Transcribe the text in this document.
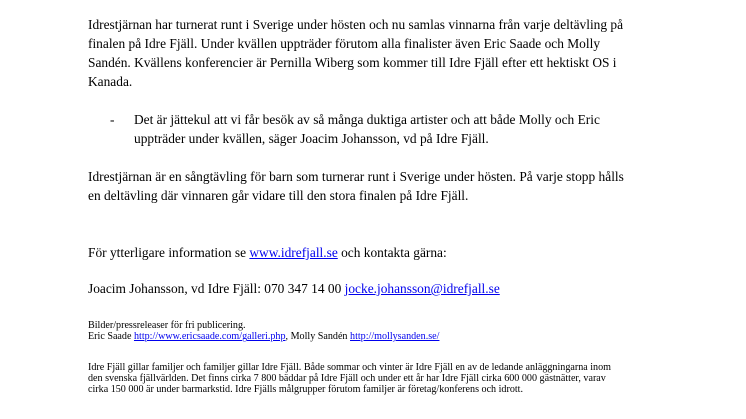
Idrestjärnan har turnerat runt i Sverige under hösten och nu samlas vinnarna från varje deltävling på finalen på Idre Fjäll. Under kvällen uppträder förutom alla finalister även Eric Saade och Molly Sandén. Kvällens konferencier är Pernilla Wiberg som kommer till Idre Fjäll efter ett hektiskt OS i Kanada.

- Det är jättekul att vi får besök av så många duktiga artister och att både Molly och Eric uppträder under kvällen, säger Joacim Johansson, vd på Idre Fjäll.

Idrestjärnan är en sångtävling för barn som turnerar runt i Sverige under hösten. På varje stopp hålls en deltävling där vinnaren går vidare till den stora finalen på Idre Fjäll.

För ytterligare information se www.idrefjall.se och kontakta gärna:

Joacim Johansson, vd Idre Fjäll: 070 347 14 00 jocke.johansson@idrefjall.se

Bilder/pressreleaser för fri publicering.

Eric Saade http://www.ericsaade.com/galleri.php, Molly Sandén http://mollysanden.se/

Idre Fjäll gillar familjer och familjer gillar Idre Fjäll. Både sommar och vinter är Idre Fjäll en av de ledande anläggningarna inom den svenska fjällvärlden. Det finns cirka 7 800 bäddar på Idre Fjäll och under ett år har Idre Fjäll cirka 600 000 gästnätter, varav cirka 150 000 är under barmarkstid. Idre Fjälls målgrupper förutom familjer är företag/konferens och idrott.
